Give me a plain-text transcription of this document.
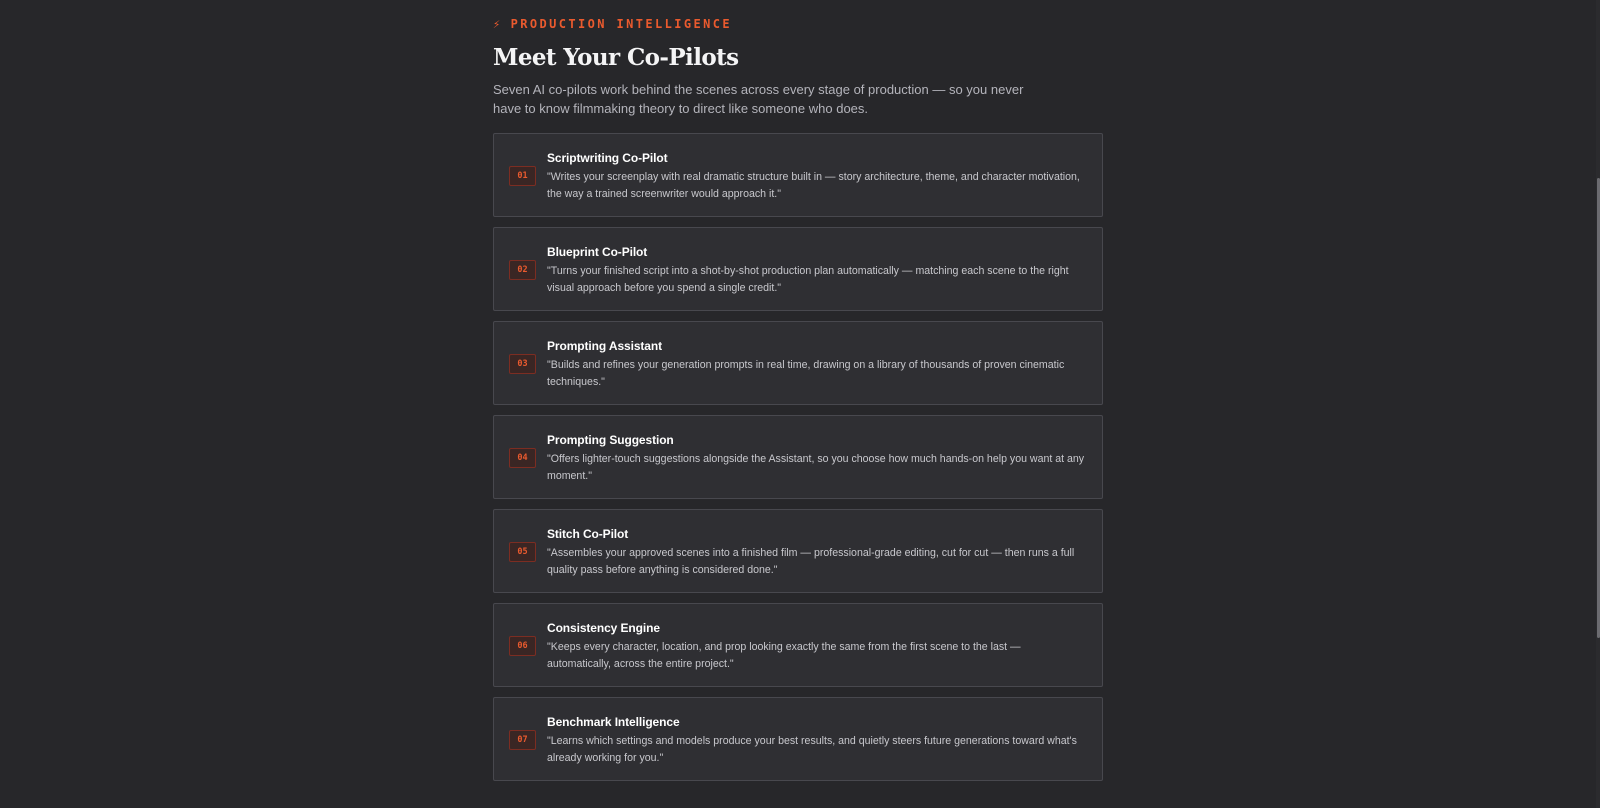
⚡ PRODUCTION INTELLIGENCE
Meet Your Co-Pilots

Seven AI co-pilots work behind the scenes across every stage of production — so you never have to know filmmaking theory to direct like someone who does.

01
Scriptwriting Co-Pilot
"Writes your screenplay with real dramatic structure built in — story architecture, theme, and character motivation, the way a trained screenwriter would approach it."
02
Blueprint Co-Pilot
"Turns your finished script into a shot-by-shot production plan automatically — matching each scene to the right visual approach before you spend a single credit."
03
Prompting Assistant
"Builds and refines your generation prompts in real time, drawing on a library of thousands of proven cinematic techniques."
04
Prompting Suggestion
"Offers lighter-touch suggestions alongside the Assistant, so you choose how much hands-on help you want at any moment."
05
Stitch Co-Pilot
"Assembles your approved scenes into a finished film — professional-grade editing, cut for cut — then runs a full quality pass before anything is considered done."
06
Consistency Engine
"Keeps every character, location, and prop looking exactly the same from the first scene to the last — automatically, across the entire project."
07
Benchmark Intelligence
"Learns which settings and models produce your best results, and quietly steers future generations toward what's already working for you."
